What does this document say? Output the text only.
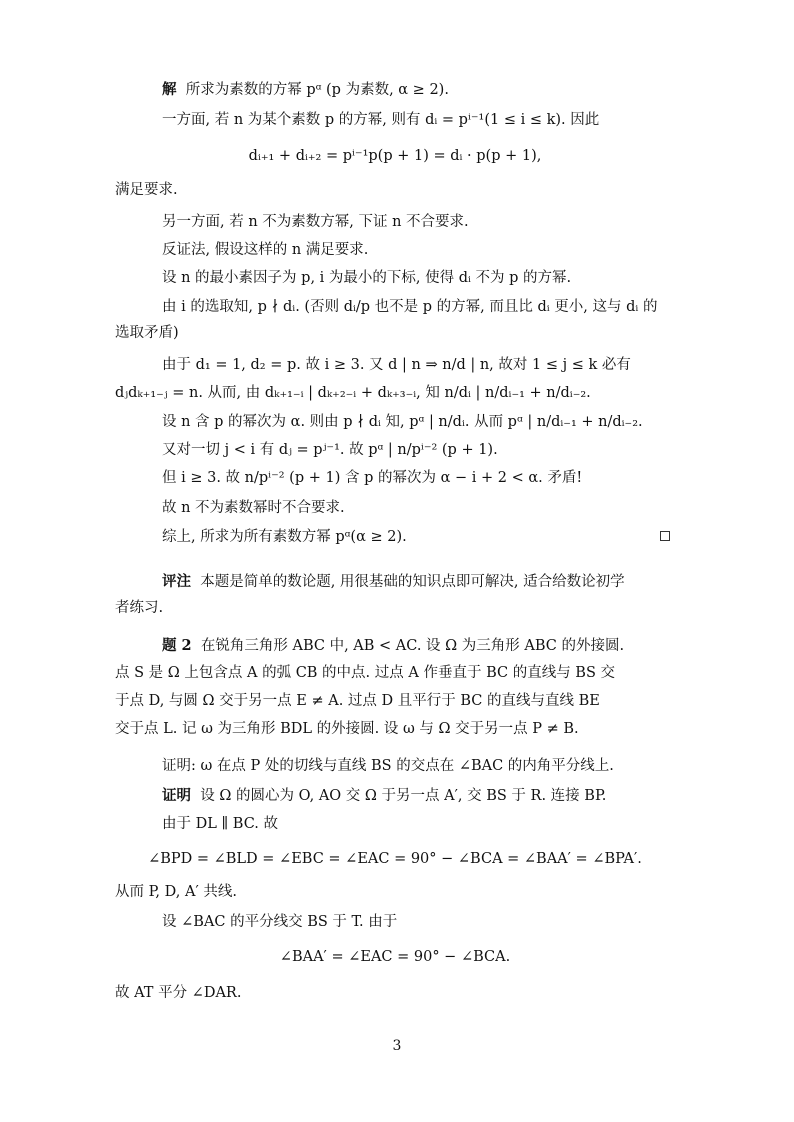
解 所求为素数的方幂 pᵅ (p 为素数, α ≥ 2).
一方面, 若 n 为某个素数 p 的方幂, 则有 dᵢ = pⁱ⁻¹(1 ≤ i ≤ k). 因此
dᵢ₊₁ + dᵢ₊₂ = pⁱ⁻¹p(p + 1) = dᵢ · p(p + 1),
满足要求.
另一方面, 若 n 不为素数方幂, 下证 n 不合要求.
反证法, 假设这样的 n 满足要求.
设 n 的最小素因子为 p, i 为最小的下标, 使得 dᵢ 不为 p 的方幂.
由 i 的选取知, p ∤ dᵢ. (否则 dᵢ/p 也不是 p 的方幂, 而且比 dᵢ 更小, 这与 dᵢ 的
选取矛盾)
由于 d₁ = 1, d₂ = p. 故 i ≥ 3. 又 d | n ⇒ n/d | n, 故对 1 ≤ j ≤ k 必有
dⱼdₖ₊₁₋ⱼ = n. 从而, 由 dₖ₊₁₋ᵢ | dₖ₊₂₋ᵢ + dₖ₊₃₋ᵢ, 知 n/dᵢ | n/dᵢ₋₁ + n/dᵢ₋₂.
设 n 含 p 的幂次为 α. 则由 p ∤ dᵢ 知, pᵅ | n/dᵢ. 从而 pᵅ | n/dᵢ₋₁ + n/dᵢ₋₂.
又对一切 j < i 有 dⱼ = pʲ⁻¹. 故 pᵅ | n/pⁱ⁻² (p + 1).
但 i ≥ 3. 故 n/pⁱ⁻² (p + 1) 含 p 的幂次为 α − i + 2 < α. 矛盾!
故 n 不为素数幂时不合要求.
综上, 所求为所有素数方幂 pᵅ(α ≥ 2).
评注 本题是简单的数论题, 用很基础的知识点即可解决, 适合给数论初学
者练习.
题 2 在锐角三角形 ABC 中, AB < AC. 设 Ω 为三角形 ABC 的外接圆.
点 S 是 Ω 上包含点 A 的弧 CB 的中点. 过点 A 作垂直于 BC 的直线与 BS 交
于点 D, 与圆 Ω 交于另一点 E ≠ A. 过点 D 且平行于 BC 的直线与直线 BE
交于点 L. 记 ω 为三角形 BDL 的外接圆. 设 ω 与 Ω 交于另一点 P ≠ B.
证明: ω 在点 P 处的切线与直线 BS 的交点在 ∠BAC 的内角平分线上.
证明 设 Ω 的圆心为 O, AO 交 Ω 于另一点 A′, 交 BS 于 R. 连接 BP.
由于 DL ∥ BC. 故
∠BPD = ∠BLD = ∠EBC = ∠EAC = 90° − ∠BCA = ∠BAA′ = ∠BPA′.
从而 P, D, A′ 共线.
设 ∠BAC 的平分线交 BS 于 T. 由于
∠BAA′ = ∠EAC = 90° − ∠BCA.
故 AT 平分 ∠DAR.
3
